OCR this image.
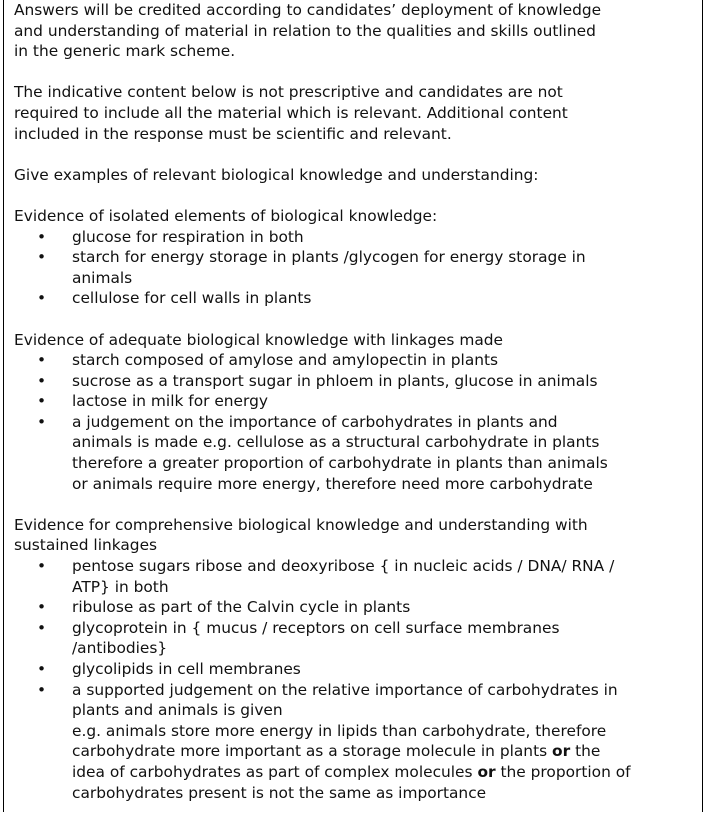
Answers will be credited according to candidates’ deployment of knowledge
and understanding of material in relation to the qualities and skills outlined
in the generic mark scheme.

The indicative content below is not prescriptive and candidates are not
required to include all the material which is relevant. Additional content
included in the response must be scientific and relevant.

Give examples of relevant biological knowledge and understanding:

Evidence of isolated elements of biological knowledge:

• glucose for respiration in both
• starch for energy storage in plants /glycogen for energy storage in
animals
• cellulose for cell walls in plants

Evidence of adequate biological knowledge with linkages made

• starch composed of amylose and amylopectin in plants
• sucrose as a transport sugar in phloem in plants, glucose in animals
• lactose in milk for energy
• a judgement on the importance of carbohydrates in plants and
animals is made e.g. cellulose as a structural carbohydrate in plants
therefore a greater proportion of carbohydrate in plants than animals
or animals require more energy, therefore need more carbohydrate

Evidence for comprehensive biological knowledge and understanding with
sustained linkages

• pentose sugars ribose and deoxyribose { in nucleic acids / DNA/ RNA /
ATP} in both
• ribulose as part of the Calvin cycle in plants
• glycoprotein in { mucus / receptors on cell surface membranes
/antibodies}
• glycolipids in cell membranes
• a supported judgement on the relative importance of carbohydrates in
plants and animals is given
e.g. animals store more energy in lipids than carbohydrate, therefore
carbohydrate more important as a storage molecule in plants or the
idea of carbohydrates as part of complex molecules or the proportion of
carbohydrates present is not the same as importance
